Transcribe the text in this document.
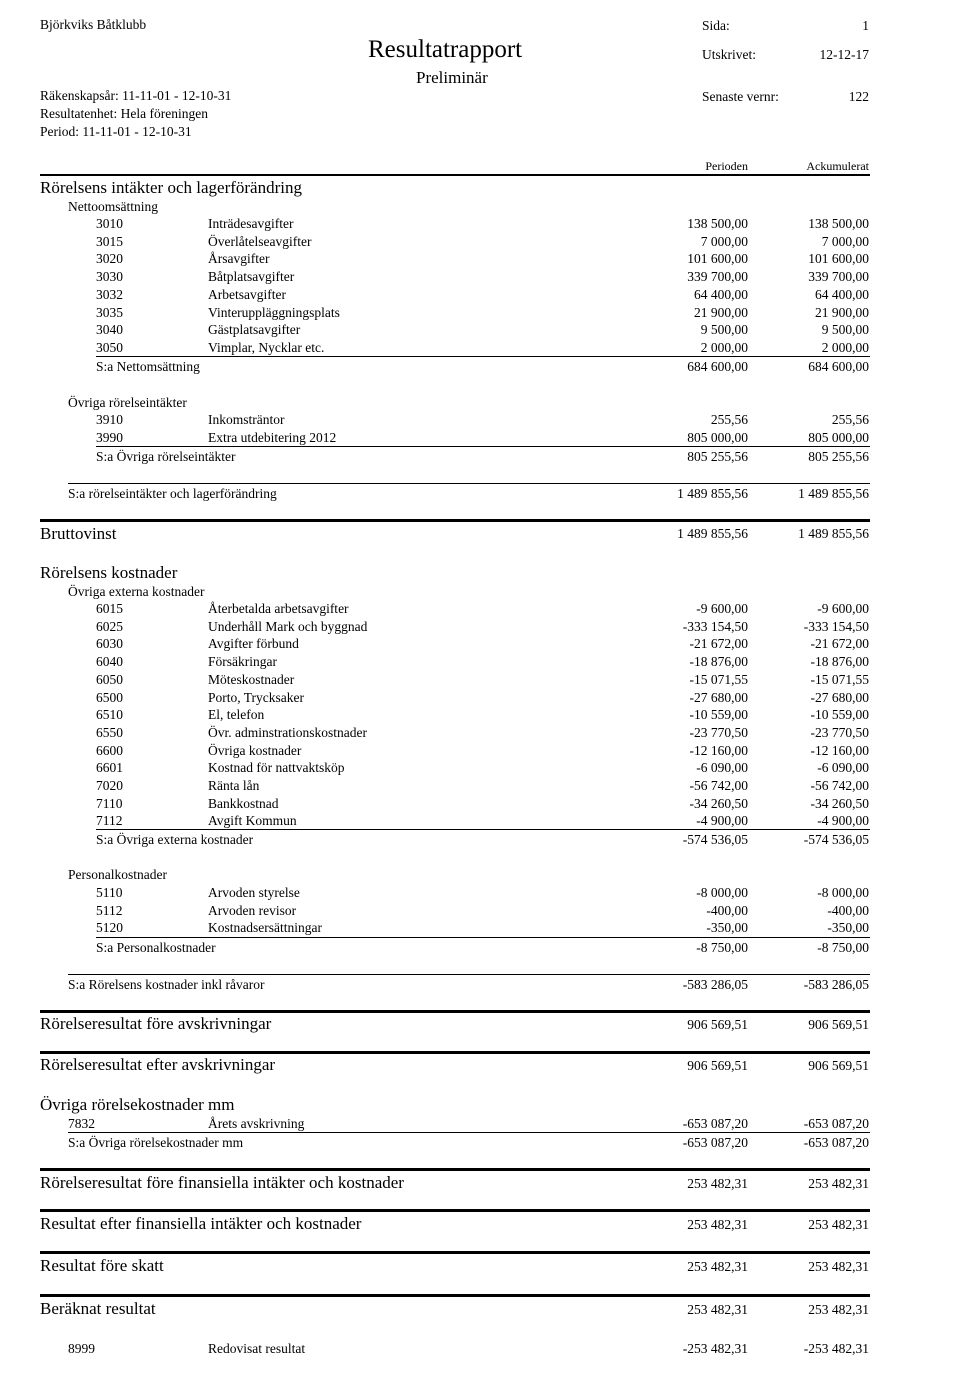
Björkviks Båtklubb
Resultatrapport
Preliminär
Sida:	1
Utskrivet:	12-12-17
Senaste vernr:	122
Räkenskapsår: 11-11-01 - 12-10-31
Resultatenhet: Hela föreningen
Period: 11-11-01 - 12-10-31
Perioden	Ackumulerat
Rörelsens intäkter och lagerförändring
Nettoomsättning
3010	Inträdesavgifter	138 500,00	138 500,00
3015	Överlåtelseavgifter	7 000,00	7 000,00
3020	Årsavgifter	101 600,00	101 600,00
3030	Båtplatsavgifter	339 700,00	339 700,00
3032	Arbetsavgifter	64 400,00	64 400,00
3035	Vinteruppläggningsplats	21 900,00	21 900,00
3040	Gästplatsavgifter	9 500,00	9 500,00
3050	Vimplar, Nycklar etc.	2 000,00	2 000,00
S:a Nettomsättning	684 600,00	684 600,00
Övriga rörelseintäkter
3910	Inkomsträntor	255,56	255,56
3990	Extra utdebitering 2012	805 000,00	805 000,00
S:a Övriga rörelseintäkter	805 255,56	805 255,56
S:a rörelseintäkter och lagerförändring	1 489 855,56	1 489 855,56
Bruttovinst	1 489 855,56	1 489 855,56
Rörelsens kostnader
Övriga externa kostnader
6015	Återbetalda arbetsavgifter	-9 600,00	-9 600,00
6025	Underhåll Mark och byggnad	-333 154,50	-333 154,50
6030	Avgifter förbund	-21 672,00	-21 672,00
6040	Försäkringar	-18 876,00	-18 876,00
6050	Möteskostnader	-15 071,55	-15 071,55
6500	Porto, Trycksaker	-27 680,00	-27 680,00
6510	El, telefon	-10 559,00	-10 559,00
6550	Övr. adminstrationskostnader	-23 770,50	-23 770,50
6600	Övriga kostnader	-12 160,00	-12 160,00
6601	Kostnad för nattvaktsköp	-6 090,00	-6 090,00
7020	Ränta lån	-56 742,00	-56 742,00
7110	Bankkostnad	-34 260,50	-34 260,50
7112	Avgift Kommun	-4 900,00	-4 900,00
S:a Övriga externa kostnader	-574 536,05	-574 536,05
Personalkostnader
5110	Arvoden styrelse	-8 000,00	-8 000,00
5112	Arvoden revisor	-400,00	-400,00
5120	Kostnadsersättningar	-350,00	-350,00
S:a Personalkostnader	-8 750,00	-8 750,00
S:a Rörelsens kostnader inkl råvaror	-583 286,05	-583 286,05
Rörelseresultat före avskrivningar	906 569,51	906 569,51
Rörelseresultat efter avskrivningar	906 569,51	906 569,51
Övriga rörelsekostnader mm
7832	Årets avskrivning	-653 087,20	-653 087,20
S:a Övriga rörelsekostnader mm	-653 087,20	-653 087,20
Rörelseresultat före finansiella intäkter och kostnader	253 482,31	253 482,31
Resultat efter finansiella intäkter och kostnader	253 482,31	253 482,31
Resultat före skatt	253 482,31	253 482,31
Beräknat resultat	253 482,31	253 482,31
8999	Redovisat resultat	-253 482,31	-253 482,31
